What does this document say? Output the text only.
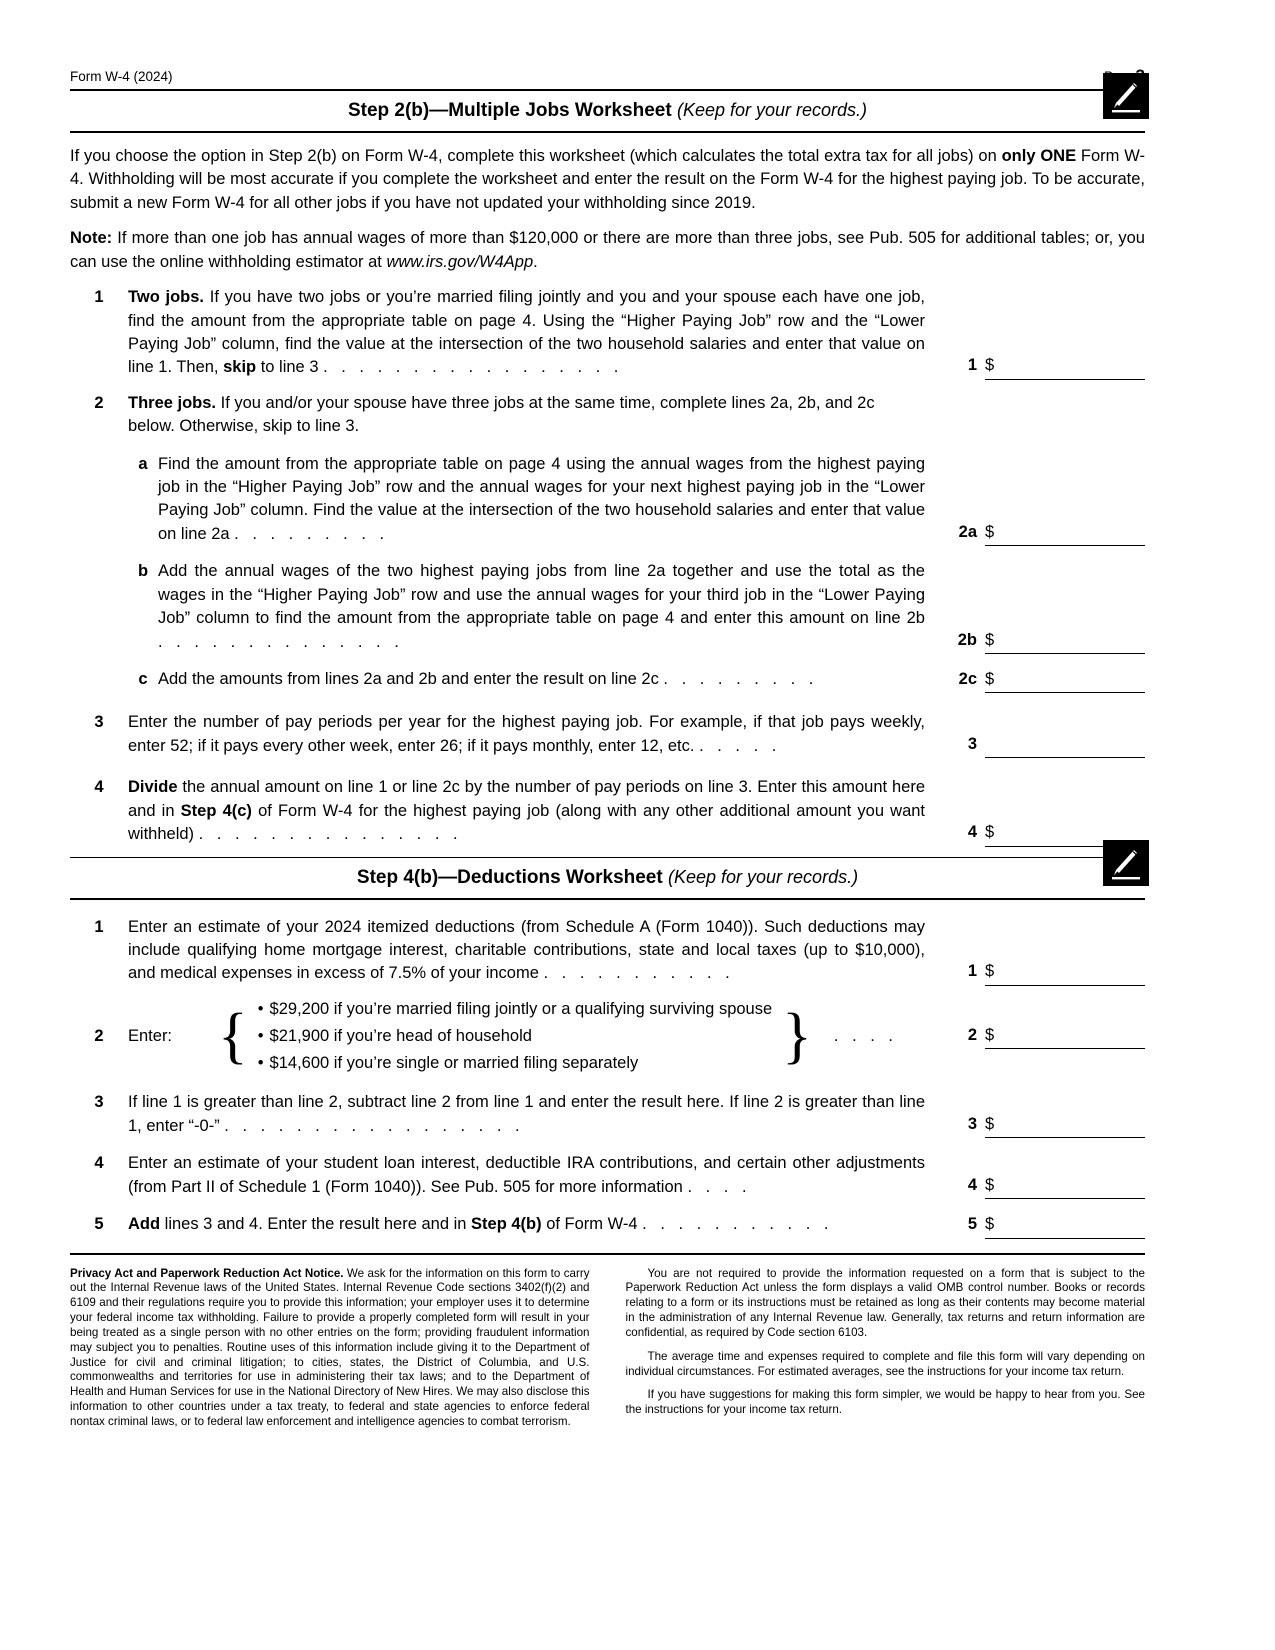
Form W-4 (2024)
Step 2(b)—Multiple Jobs Worksheet (Keep for your records.)

If you choose the option in Step 2(b) on Form W-4, complete this worksheet (which calculates the total extra tax for all jobs) on only ONE Form W-4. Withholding will be most accurate if you complete the worksheet and enter the result on the Form W-4 for the highest paying job. To be accurate, submit a new Form W-4 for all other jobs if you have not updated your withholding since 2019.

Note: If more than one job has annual wages of more than $120,000 or there are more than three jobs, see Pub. 505 for additional tables; or, you can use the online withholding estimator at www.irs.gov/W4App.

1	Two jobs. If you have two jobs or you’re married filing jointly and you and your spouse each have one job, find the amount from the appropriate table on page 4. Using the “Higher Paying Job” row and the “Lower Paying Job” column, find the value at the intersection of the two household salaries and enter that value on line 1. Then, skip to line 3 . . . . . . . . . . . . . . . . .	1 $
2	Three jobs. If you and/or your spouse have three jobs at the same time, complete lines 2a, 2b, and 2c below. Otherwise, skip to line 3.
a Find the amount from the appropriate table on page 4 using the annual wages from the highest paying job in the “Higher Paying Job” row and the annual wages for your next highest paying job in the “Lower Paying Job” column. Find the value at the intersection of the two household salaries and enter that value on line 2a . . . . . . . . .	2a $
b Add the annual wages of the two highest paying jobs from line 2a together and use the total as the wages in the “Higher Paying Job” row and use the annual wages for your third job in the “Lower Paying Job” column to find the amount from the appropriate table on page 4 and enter this amount on line 2b . . . . . . . . . . . . . .	2b $
c Add the amounts from lines 2a and 2b and enter the result on line 2c . . . . . . . . .	2c $
3	Enter the number of pay periods per year for the highest paying job. For example, if that job pays weekly, enter 52; if it pays every other week, enter 26; if it pays monthly, enter 12, etc. . . . . .	3
4	Divide the annual amount on line 1 or line 2c by the number of pay periods on line 3. Enter this amount here and in Step 4(c) of Form W-4 for the highest paying job (along with any other additional amount you want withheld) . . . . . . . . . . . . . . .	4 $
Step 4(b)—Deductions Worksheet (Keep for your records.)
1	Enter an estimate of your 2024 itemized deductions (from Schedule A (Form 1040)). Such deductions may include qualifying home mortgage interest, charitable contributions, state and local taxes (up to $10,000), and medical expenses in excess of 7.5% of your income . . . . . . . . . . .	1 $
2	Enter: { • $29,200 if you’re married filing jointly or a qualifying surviving spouse
• $21,900 if you’re head of household
• $14,600 if you’re single or married filing separately	} . . . .	2 $
3	If line 1 is greater than line 2, subtract line 2 from line 1 and enter the result here. If line 2 is greater than line 1, enter “-0-” . . . . . . . . . . . . . . . . .	3 $
4	Enter an estimate of your student loan interest, deductible IRA contributions, and certain other adjustments (from Part II of Schedule 1 (Form 1040)). See Pub. 505 for more information . . . .	4 $
5	Add lines 3 and 4. Enter the result here and in Step 4(b) of Form W-4 . . . . . . . . . . .	5 $

Privacy Act and Paperwork Reduction Act Notice. We ask for the information on this form to carry out the Internal Revenue laws of the United States. Internal Revenue Code sections 3402(f)(2) and 6109 and their regulations require you to provide this information; your employer uses it to determine your federal income tax withholding. Failure to provide a properly completed form will result in your being treated as a single person with no other entries on the form; providing fraudulent information may subject you to penalties. Routine uses of this information include giving it to the Department of Justice for civil and criminal litigation; to cities, states, the District of Columbia, and U.S. commonwealths and territories for use in administering their tax laws; and to the Department of Health and Human Services for use in the National Directory of New Hires. We may also disclose this information to other countries under a tax treaty, to federal and state agencies to enforce federal nontax criminal laws, or to federal law enforcement and intelligence agencies to combat terrorism.

You are not required to provide the information requested on a form that is subject to the Paperwork Reduction Act unless the form displays a valid OMB control number. Books or records relating to a form or its instructions must be retained as long as their contents may become material in the administration of any Internal Revenue law. Generally, tax returns and return information are confidential, as required by Code section 6103.

The average time and expenses required to complete and file this form will vary depending on individual circumstances. For estimated averages, see the instructions for your income tax return.

If you have suggestions for making this form simpler, we would be happy to hear from you. See the instructions for your income tax return.
